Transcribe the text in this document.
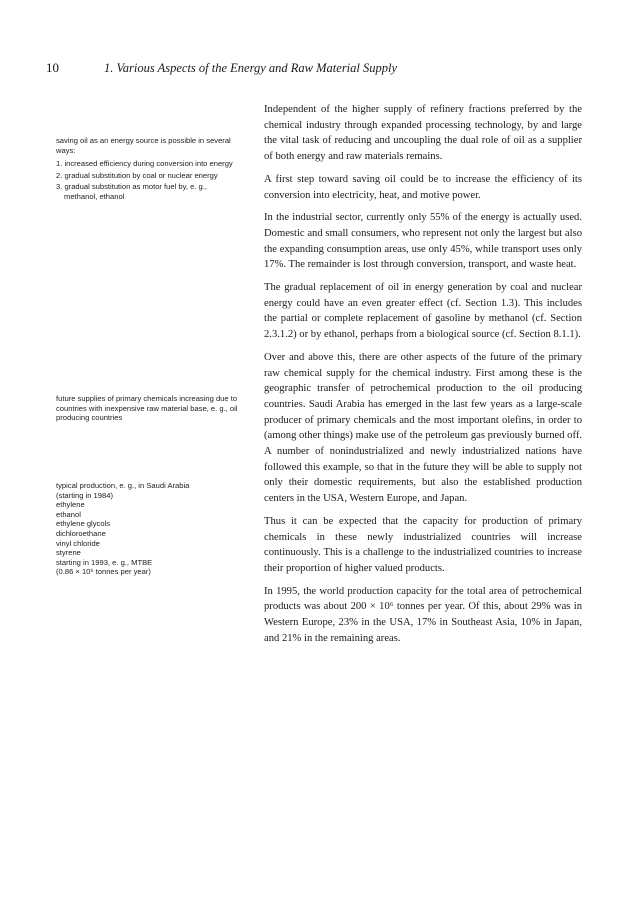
10	1. Various Aspects of the Energy and Raw Material Supply

saving oil as an energy source is possible in several ways:

1. increased efficiency during conversion into energy

2. gradual substitution by coal or nuclear energy

3. gradual substitution as motor fuel by, e. g., methanol, ethanol

future supplies of primary chemicals increasing due to countries with inexpensive raw material base, e. g., oil producing countries

typical production, e. g., in Saudi Arabia

(starting in 1984)

ethylene

ethanol

ethylene glycols

dichloroethane

vinyl chloride

styrene

starting in 1993, e. g., MTBE

(0.86 × 10⁶ tonnes per year)

Independent of the higher supply of refinery fractions preferred by the chemical industry through expanded processing technology, by and large the vital task of reducing and uncoupling the dual role of oil as a supplier of both energy and raw materials remains.

A first step toward saving oil could be to increase the efficiency of its conversion into electricity, heat, and motive power.

In the industrial sector, currently only 55% of the energy is actually used. Domestic and small consumers, who represent not only the largest but also the expanding consumption areas, use only 45%, while transport uses only 17%. The remainder is lost through conversion, transport, and waste heat.

The gradual replacement of oil in energy generation by coal and nuclear energy could have an even greater effect (cf. Section 1.3). This includes the partial or complete replacement of gasoline by methanol (cf. Section 2.3.1.2) or by ethanol, perhaps from a biological source (cf. Section 8.1.1).

Over and above this, there are other aspects of the future of the primary raw chemical supply for the chemical industry. First among these is the geographic transfer of petrochemical production to the oil producing countries. Saudi Arabia has emerged in the last few years as a large-scale producer of primary chemicals and the most important olefins, in order to (among other things) make use of the petroleum gas previously burned off. A number of nonindustrialized and newly industrialized nations have followed this example, so that in the future they will be able to supply not only their domestic requirements, but also the established production centers in the USA, Western Europe, and Japan.

Thus it can be expected that the capacity for production of primary chemicals in these newly industrialized countries will increase continuously. This is a challenge to the industrialized countries to increase their proportion of higher valued products.

In 1995, the world production capacity for the total area of petrochemical products was about 200 × 10⁶ tonnes per year. Of this, about 29% was in Western Europe, 23% in the USA, 17% in Southeast Asia, 10% in Japan, and 21% in the remaining areas.
